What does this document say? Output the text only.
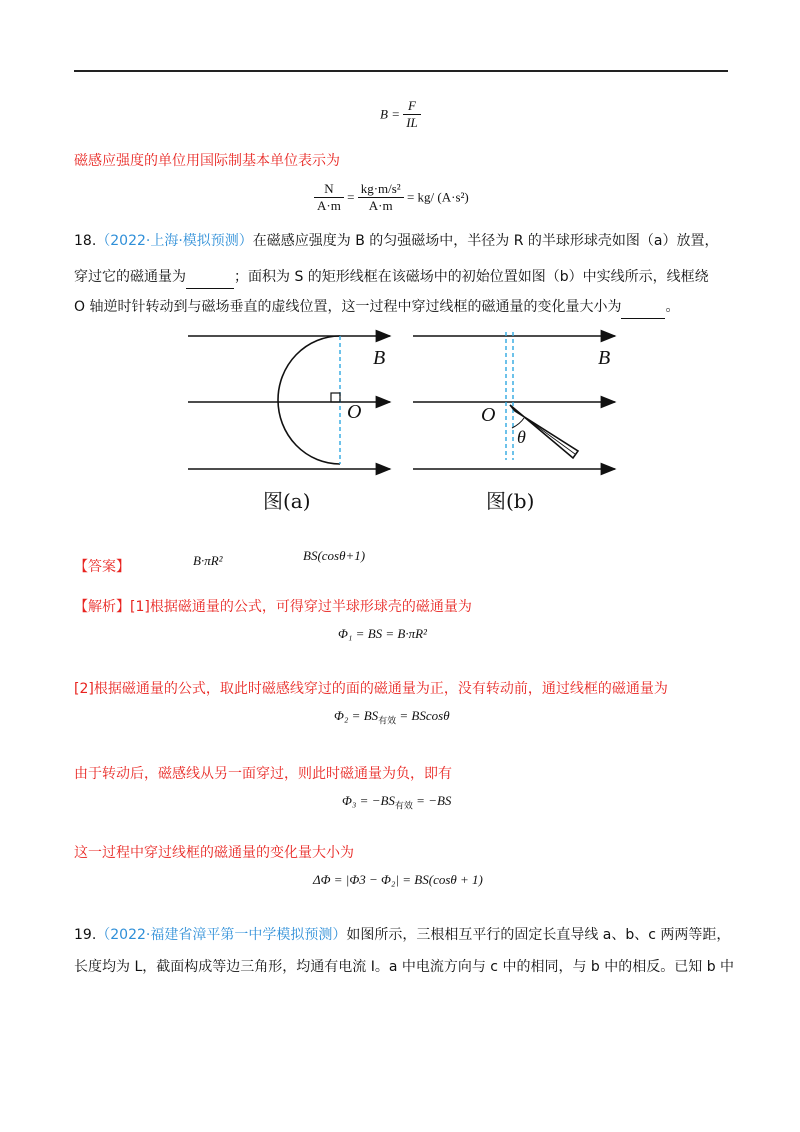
$B = \frac{F}{IL}$
磁感应强度的单位用国际制基本单位表示为
$\frac{N}{A\cdot m} = \frac{\text{kg·m/s²}}{A\cdot m} = kg/$ (A·s²)
18.（2022·上海·模拟预测）在磁感应强度为 B 的匀强磁场中，半径为 R 的半球形球壳如图（a）放置，
穿过它的磁通量为	；面积为 S 的矩形线框在该磁场中的初始位置如图（b）中实线所示，线框绕
O 轴逆时针转动到与磁场垂直的虚线位置，这一过程中穿过线框的磁通量的变化量大小为	。
B
O
B
O
θ
图(a)	图(b)
【答案】	B·πR²	BS(cosθ+1)
【解析】[1]根据磁通量的公式，可得穿过半球形球壳的磁通量为
Φ₁ = BS = B·πR²
[2]根据磁通量的公式，取此时磁感线穿过的面的磁通量为正，没有转动前，通过线框的磁通量为
$\Phi_2 = BS_{有效} = BScos\theta$
由于转动后，磁感线从另一面穿过，则此时磁通量为负，即有
$\Phi_3 = -BS_{有效} = -BS$
这一过程中穿过线框的磁通量的变化量大小为
ΔΦ = |Φ3 − Φ₂| = BS(cosθ + 1)
19.（2022·福建省漳平第一中学模拟预测）如图所示，三根相互平行的固定长直导线 a、b、c 两两等距，
长度均为 L，截面构成等边三角形，均通有电流 I。a 中电流方向与 c 中的相同，与 b 中的相反。已知 b 中
